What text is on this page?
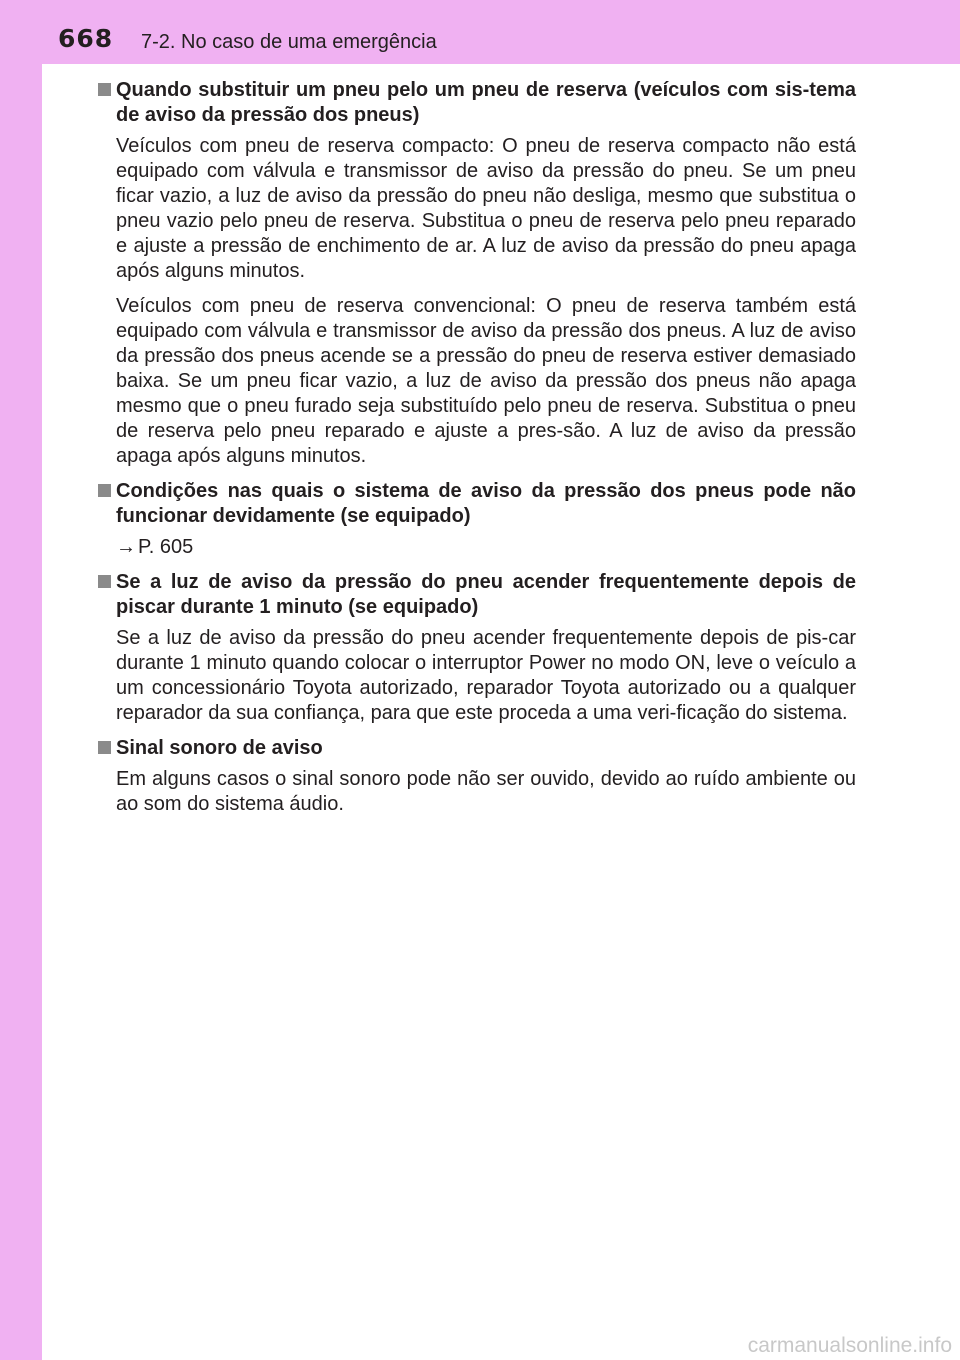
668 7-2. No caso de uma emergência
Quando substituir um pneu pelo um pneu de reserva (veículos com sis-tema de aviso da pressão dos pneus)

Veículos com pneu de reserva compacto: O pneu de reserva compacto não está equipado com válvula e transmissor de aviso da pressão do pneu. Se um pneu ficar vazio, a luz de aviso da pressão do pneu não desliga, mesmo que substitua o pneu vazio pelo pneu de reserva. Substitua o pneu de reserva pelo pneu reparado e ajuste a pressão de enchimento de ar. A luz de aviso da pressão do pneu apaga após alguns minutos.

Veículos com pneu de reserva convencional: O pneu de reserva também está equipado com válvula e transmissor de aviso da pressão dos pneus. A luz de aviso da pressão dos pneus acende se a pressão do pneu de reserva estiver demasiado baixa. Se um pneu ficar vazio, a luz de aviso da pressão dos pneus não apaga mesmo que o pneu furado seja substituído pelo pneu de reserva. Substitua o pneu de reserva pelo pneu reparado e ajuste a pres-são. A luz de aviso da pressão apaga após alguns minutos.

Condições nas quais o sistema de aviso da pressão dos pneus pode não funcionar devidamente (se equipado)
→ P. 605
Se a luz de aviso da pressão do pneu acender frequentemente depois de piscar durante 1 minuto (se equipado)

Se a luz de aviso da pressão do pneu acender frequentemente depois de pis-car durante 1 minuto quando colocar o interruptor Power no modo ON, leve o veículo a um concessionário Toyota autorizado, reparador Toyota autorizado ou a qualquer reparador da sua confiança, para que este proceda a uma veri-ficação do sistema.

Sinal sonoro de aviso

Em alguns casos o sinal sonoro pode não ser ouvido, devido ao ruído ambiente ou ao som do sistema áudio.

carmanualsonline.info
